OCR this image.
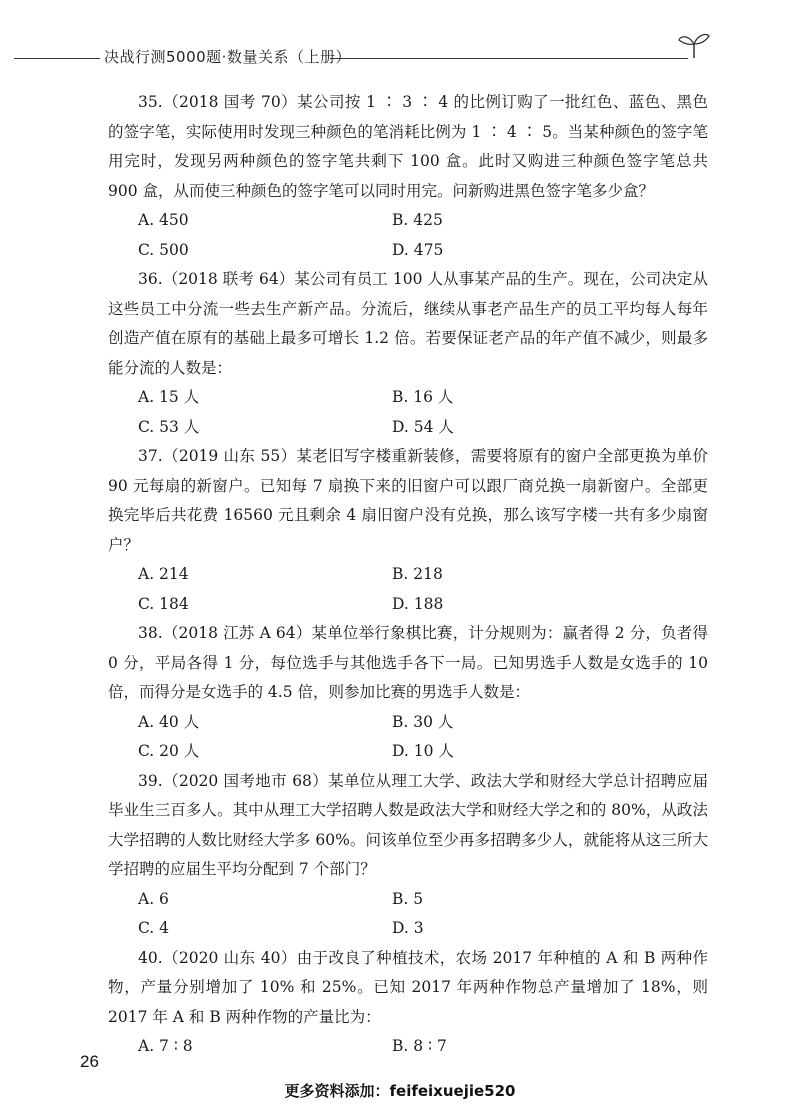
决战行测5000题·数量关系（上册）

35.（2018 国考 70）某公司按 1 ∶ 3 ∶ 4 的比例订购了一批红色、蓝色、黑色的签字笔，实际使用时发现三种颜色的笔消耗比例为 1 ∶ 4 ∶ 5。当某种颜色的签字笔用完时，发现另两种颜色的签字笔共剩下 100 盒。此时又购进三种颜色签字笔总共 900 盒，从而使三种颜色的签字笔可以同时用完。问新购进黑色签字笔多少盒？

A. 450	B. 425
C. 500	D. 475

36.（2018 联考 64）某公司有员工 100 人从事某产品的生产。现在，公司决定从这些员工中分流一些去生产新产品。分流后，继续从事老产品生产的员工平均每人每年创造产值在原有的基础上最多可增长 1.2 倍。若要保证老产品的年产值不减少，则最多能分流的人数是：

A. 15 人	B. 16 人
C. 53 人	D. 54 人

37.（2019 山东 55）某老旧写字楼重新装修，需要将原有的窗户全部更换为单价 90 元每扇的新窗户。已知每 7 扇换下来的旧窗户可以跟厂商兑换一扇新窗户。全部更换完毕后共花费 16560 元且剩余 4 扇旧窗户没有兑换，那么该写字楼一共有多少扇窗户？

A. 214	B. 218
C. 184	D. 188

38.（2018 江苏 A 64）某单位举行象棋比赛，计分规则为：赢者得 2 分，负者得 0 分，平局各得 1 分，每位选手与其他选手各下一局。已知男选手人数是女选手的 10 倍，而得分是女选手的 4.5 倍，则参加比赛的男选手人数是：

A. 40 人	B. 30 人
C. 20 人	D. 10 人

39.（2020 国考地市 68）某单位从理工大学、政法大学和财经大学总计招聘应届毕业生三百多人。其中从理工大学招聘人数是政法大学和财经大学之和的 80%，从政法大学招聘的人数比财经大学多 60%。问该单位至少再多招聘多少人，就能将从这三所大学招聘的应届生平均分配到 7 个部门？

A. 6	B. 5
C. 4	D. 3

40.（2020 山东 40）由于改良了种植技术，农场 2017 年种植的 A 和 B 两种作物，产量分别增加了 10% 和 25%。已知 2017 年两种作物总产量增加了 18%，则 2017 年 A 和 B 两种作物的产量比为：

A. 7 ∶ 8	B. 8 ∶ 7
26
更多资料添加：feifeixuejie520
